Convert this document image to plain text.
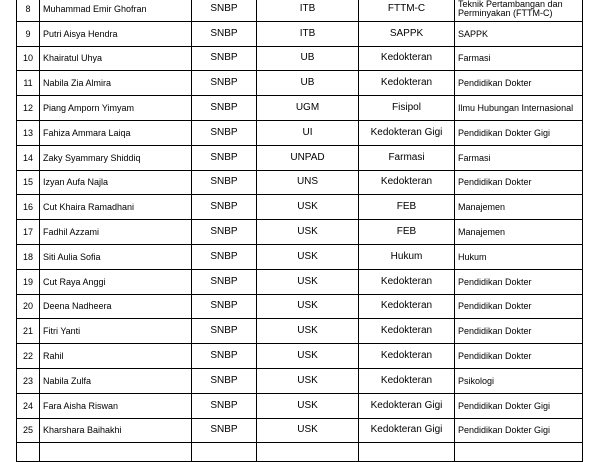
8	Muhammad Emir Ghofran	SNBP	ITB	FTTM-C	Teknik Pertambangan dan Perminyakan (FTTM-C)
9	Putri Aisya Hendra	SNBP	ITB	SAPPK	SAPPK
10	Khairatul Uhya	SNBP	UB	Kedokteran	Farmasi
11	Nabila Zia Almira	SNBP	UB	Kedokteran	Pendidikan Dokter
12	Piang Amporn Yimyam	SNBP	UGM	Fisipol	Ilmu Hubungan Internasional
13	Fahiza Ammara Laiqa	SNBP	UI	Kedokteran Gigi	Pendidikan Dokter Gigi
14	Zaky Syammary Shiddiq	SNBP	UNPAD	Farmasi	Farmasi
15	Izyan Aufa Najla	SNBP	UNS	Kedokteran	Pendidikan Dokter
16	Cut Khaira Ramadhani	SNBP	USK	FEB	Manajemen
17	Fadhil Azzami	SNBP	USK	FEB	Manajemen
18	Siti Aulia Sofia	SNBP	USK	Hukum	Hukum
19	Cut Raya Anggi	SNBP	USK	Kedokteran	Pendidikan Dokter
20	Deena Nadheera	SNBP	USK	Kedokteran	Pendidikan Dokter
21	Fitri Yanti	SNBP	USK	Kedokteran	Pendidikan Dokter
22	Rahil	SNBP	USK	Kedokteran	Pendidikan Dokter
23	Nabila Zulfa	SNBP	USK	Kedokteran	Psikologi
24	Fara Aisha Riswan	SNBP	USK	Kedokteran Gigi	Pendidikan Dokter Gigi
25	Kharshara Baihakhi	SNBP	USK	Kedokteran Gigi	Pendidikan Dokter Gigi
